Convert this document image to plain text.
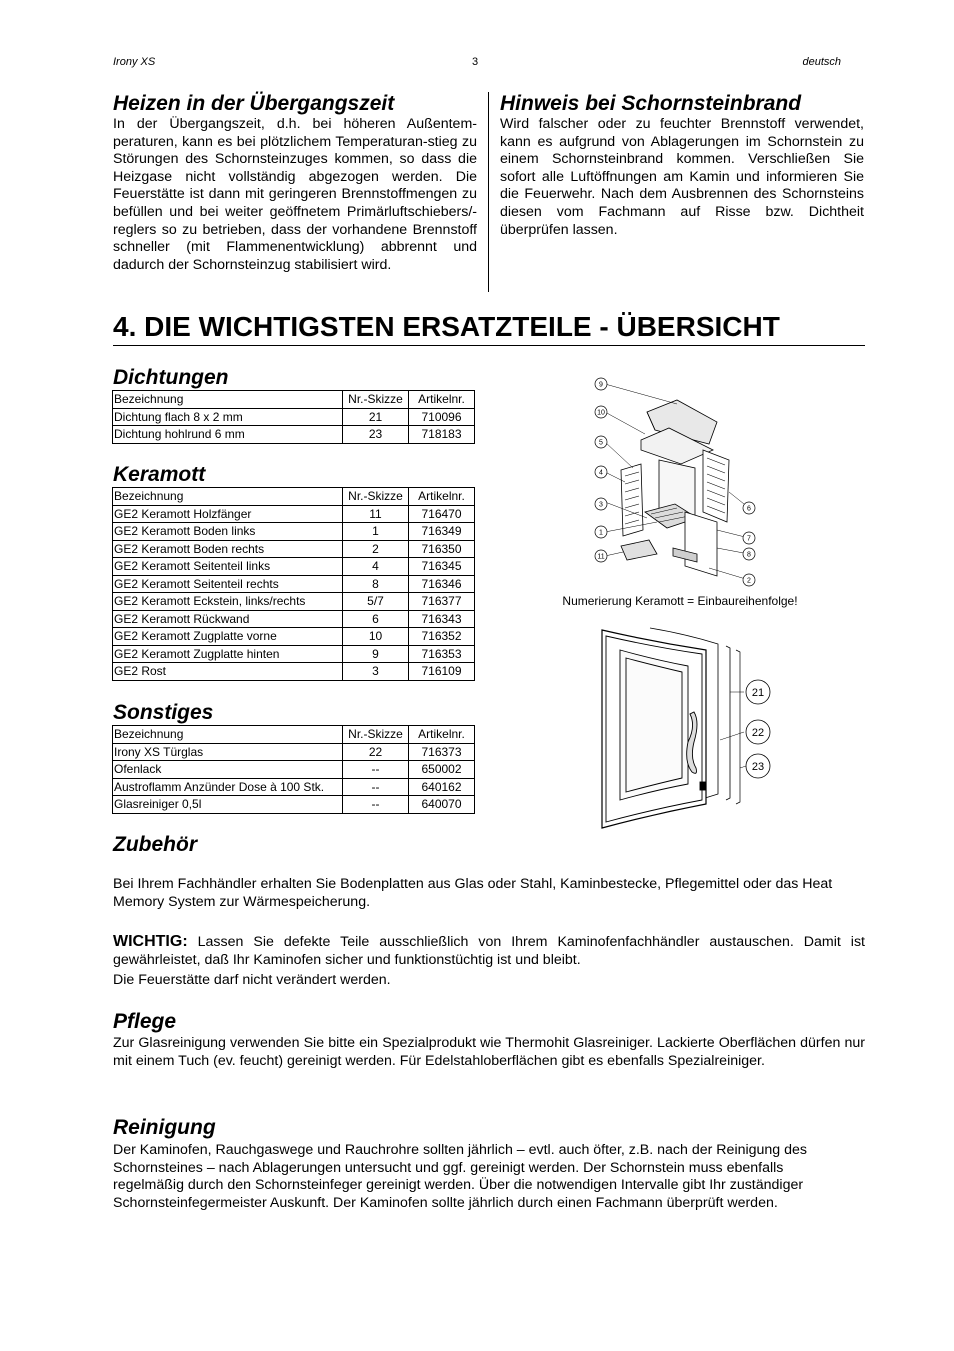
Irony XS	3	deutsch
Heizen in der Übergangszeit

In der Übergangszeit, d.h. bei höheren Außentem-peraturen, kann es bei plötzlichem Temperaturan-stieg zu Störungen des Schornsteinzuges kommen, so dass die Heizgase nicht vollständig abgezogen werden. Die Feuerstätte ist dann mit geringeren Brennstoffmengen zu befüllen und bei weiter geöffnetem Primärluftschiebers/-reglers so zu betrieben, dass der vorhandene Brennstoff schneller (mit Flammenentwicklung) abbrennt und dadurch der Schornsteinzug stabilisiert wird.

Hinweis bei Schornsteinbrand

Wird falscher oder zu feuchter Brennstoff verwendet, kann es aufgrund von Ablagerungen im Schornstein zu einem Schornsteinbrand kommen. Verschließen Sie sofort alle Luftöffnungen am Kamin und informieren Sie die Feuerwehr. Nach dem Ausbrennen des Schornsteins diesen vom Fachmann auf Risse bzw. Dichtheit überprüfen lassen.

4. DIE WICHTIGSTEN ERSATZTEILE - ÜBERSICHT
Dichtungen
Bezeichnung	Nr.-Skizze	Artikelnr.
Dichtung flach 8 x 2 mm	21	710096
Dichtung hohlrund 6 mm	23	718183
Keramott
Bezeichnung	Nr.-Skizze	Artikelnr.
GE2 Keramott Holzfänger	11	716470
GE2 Keramott Boden links	1	716349
GE2 Keramott Boden rechts	2	716350
GE2 Keramott Seitenteil links	4	716345
GE2 Keramott Seitenteil rechts	8	716346
GE2 Keramott Eckstein, links/rechts	5/7	716377
GE2 Keramott Rückwand	6	716343
GE2 Keramott Zugplatte vorne	10	716352
GE2 Keramott Zugplatte hinten	9	716353
GE2 Rost	3	716109
Sonstiges
Bezeichnung	Nr.-Skizze	Artikelnr.
Irony XS Türglas	22	716373
Ofenlack	--	650002
Austroflamm Anzünder Dose à 100 Stk.	--	640162
Glasreiniger 0,5l	--	640070
9
10
5
4
3
1
11
6
7
8
2
Numerierung Keramott = Einbaureihenfolge!
21
22
23
Zubehör

Bei Ihrem Fachhändler erhalten Sie Bodenplatten aus Glas oder Stahl, Kaminbestecke, Pflegemittel oder das Heat Memory System zur Wärmespeicherung.

WICHTIG: Lassen Sie defekte Teile ausschließlich von Ihrem Kaminofenfachhändler austauschen. Damit ist gewährleistet, daß Ihr Kaminofen sicher und funktionstüchtig ist und bleibt.

Die Feuerstätte darf nicht verändert werden.

Pflege

Zur Glasreinigung verwenden Sie bitte ein Spezialprodukt wie Thermohit Glasreiniger. Lackierte Oberflächen dürfen nur mit einem Tuch (ev. feucht) gereinigt werden. Für Edelstahloberflächen gibt es ebenfalls Spezialreiniger.

Reinigung

Der Kaminofen, Rauchgaswege und Rauchrohre sollten jährlich – evtl. auch öfter, z.B. nach der Reinigung des Schornsteines – nach Ablagerungen untersucht und ggf. gereinigt werden. Der Schornstein muss ebenfalls regelmäßig durch den Schornsteinfeger gereinigt werden. Über die notwendigen Intervalle gibt Ihr zuständiger Schornsteinfegermeister Auskunft. Der Kaminofen sollte jährlich durch einen Fachmann überprüft werden.
